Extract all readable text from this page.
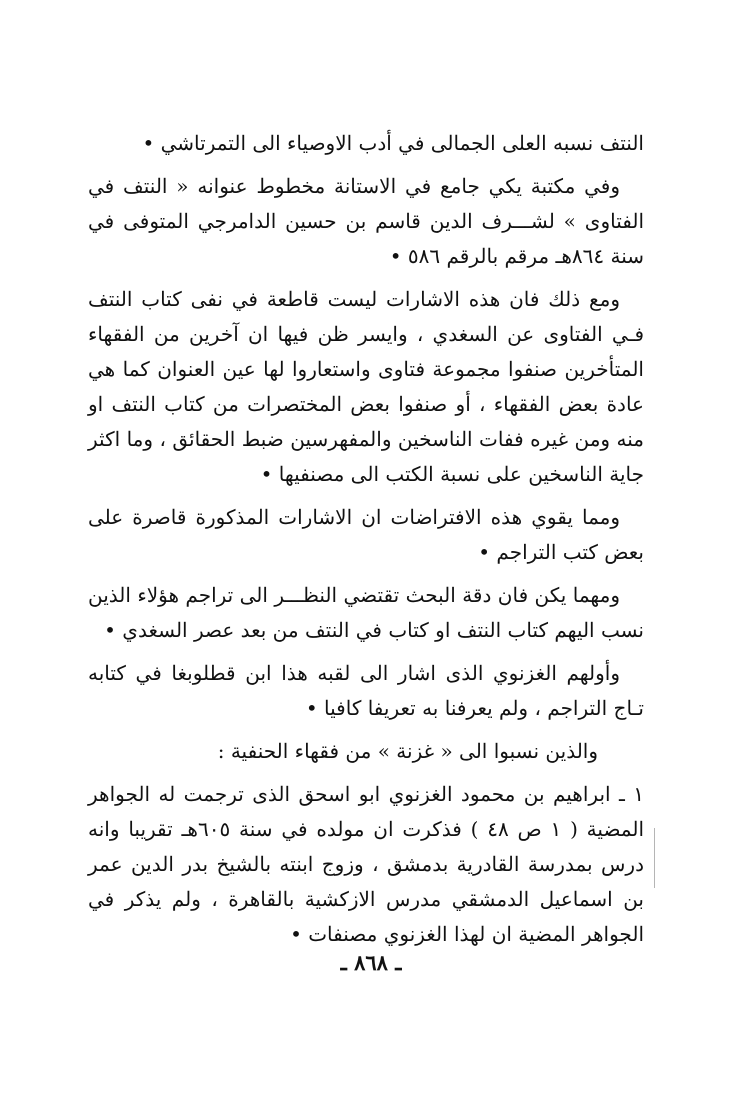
النتف نسبه العلى الجمالى في أدب الاوصياء الى التمرتاشي •

وفي مكتبة يكي جامع في الاستانة مخطوط عنوانه « النتف في الفتاوى » لشـــرف الدين قاسم بن حسين الدامرجي المتوفى في سنة ٨٦٤هـ مرقم بالرقم ٥٨٦ •

ومع ذلك فان هذه الاشارات ليست قاطعة في نفى كتاب النتف فـي الفتاوى عن السغدي ، وايسر ظن فيها ان آخرين من الفقهاء المتأخرين صنفوا مجموعة فتاوى واستعاروا لها عين العنوان كما هي عادة بعض الفقهاء ، أو صنفوا بعض المختصرات من كتاب النتف او منه ومن غيره ففات الناسخين والمفهرسين ضبط الحقائق ، وما اكثر جاية الناسخين على نسبة الكتب الى مصنفيها •

ومما يقوي هذه الافتراضات ان الاشارات المذكورة قاصرة على بعض كتب التراجم •

ومهما يكن فان دقة البحث تقتضي النظـــر الى تراجم هؤلاء الذين نسب اليهم كتاب النتف او كتاب في النتف من بعد عصر السغدي •

وأولهم الغزنوي الذى اشار الى لقبه هذا ابن قطلوبغا في كتابه تـاج التراجم ، ولم يعرفنا به تعريفا كافيا •

والذين نسبوا الى « غزنة » من فقهاء الحنفية :

١ ـ ابراهيم بن محمود الغزنوي ابو اسحق الذى ترجمت له الجواهر المضية ( ١ ص ٤٨ ) فذكرت ان مولده في سنة ٦٠٥هـ تقريبا وانه درس بمدرسة القادرية بدمشق ، وزوج ابنته بالشيخ بدر الدين عمر بن اسماعيل الدمشقي مدرس الازكشية بالقاهرة ، ولم يذكر في الجواهر المضية ان لهذا الغزنوي مصنفات •

ـ ٨٦٨ ـ
